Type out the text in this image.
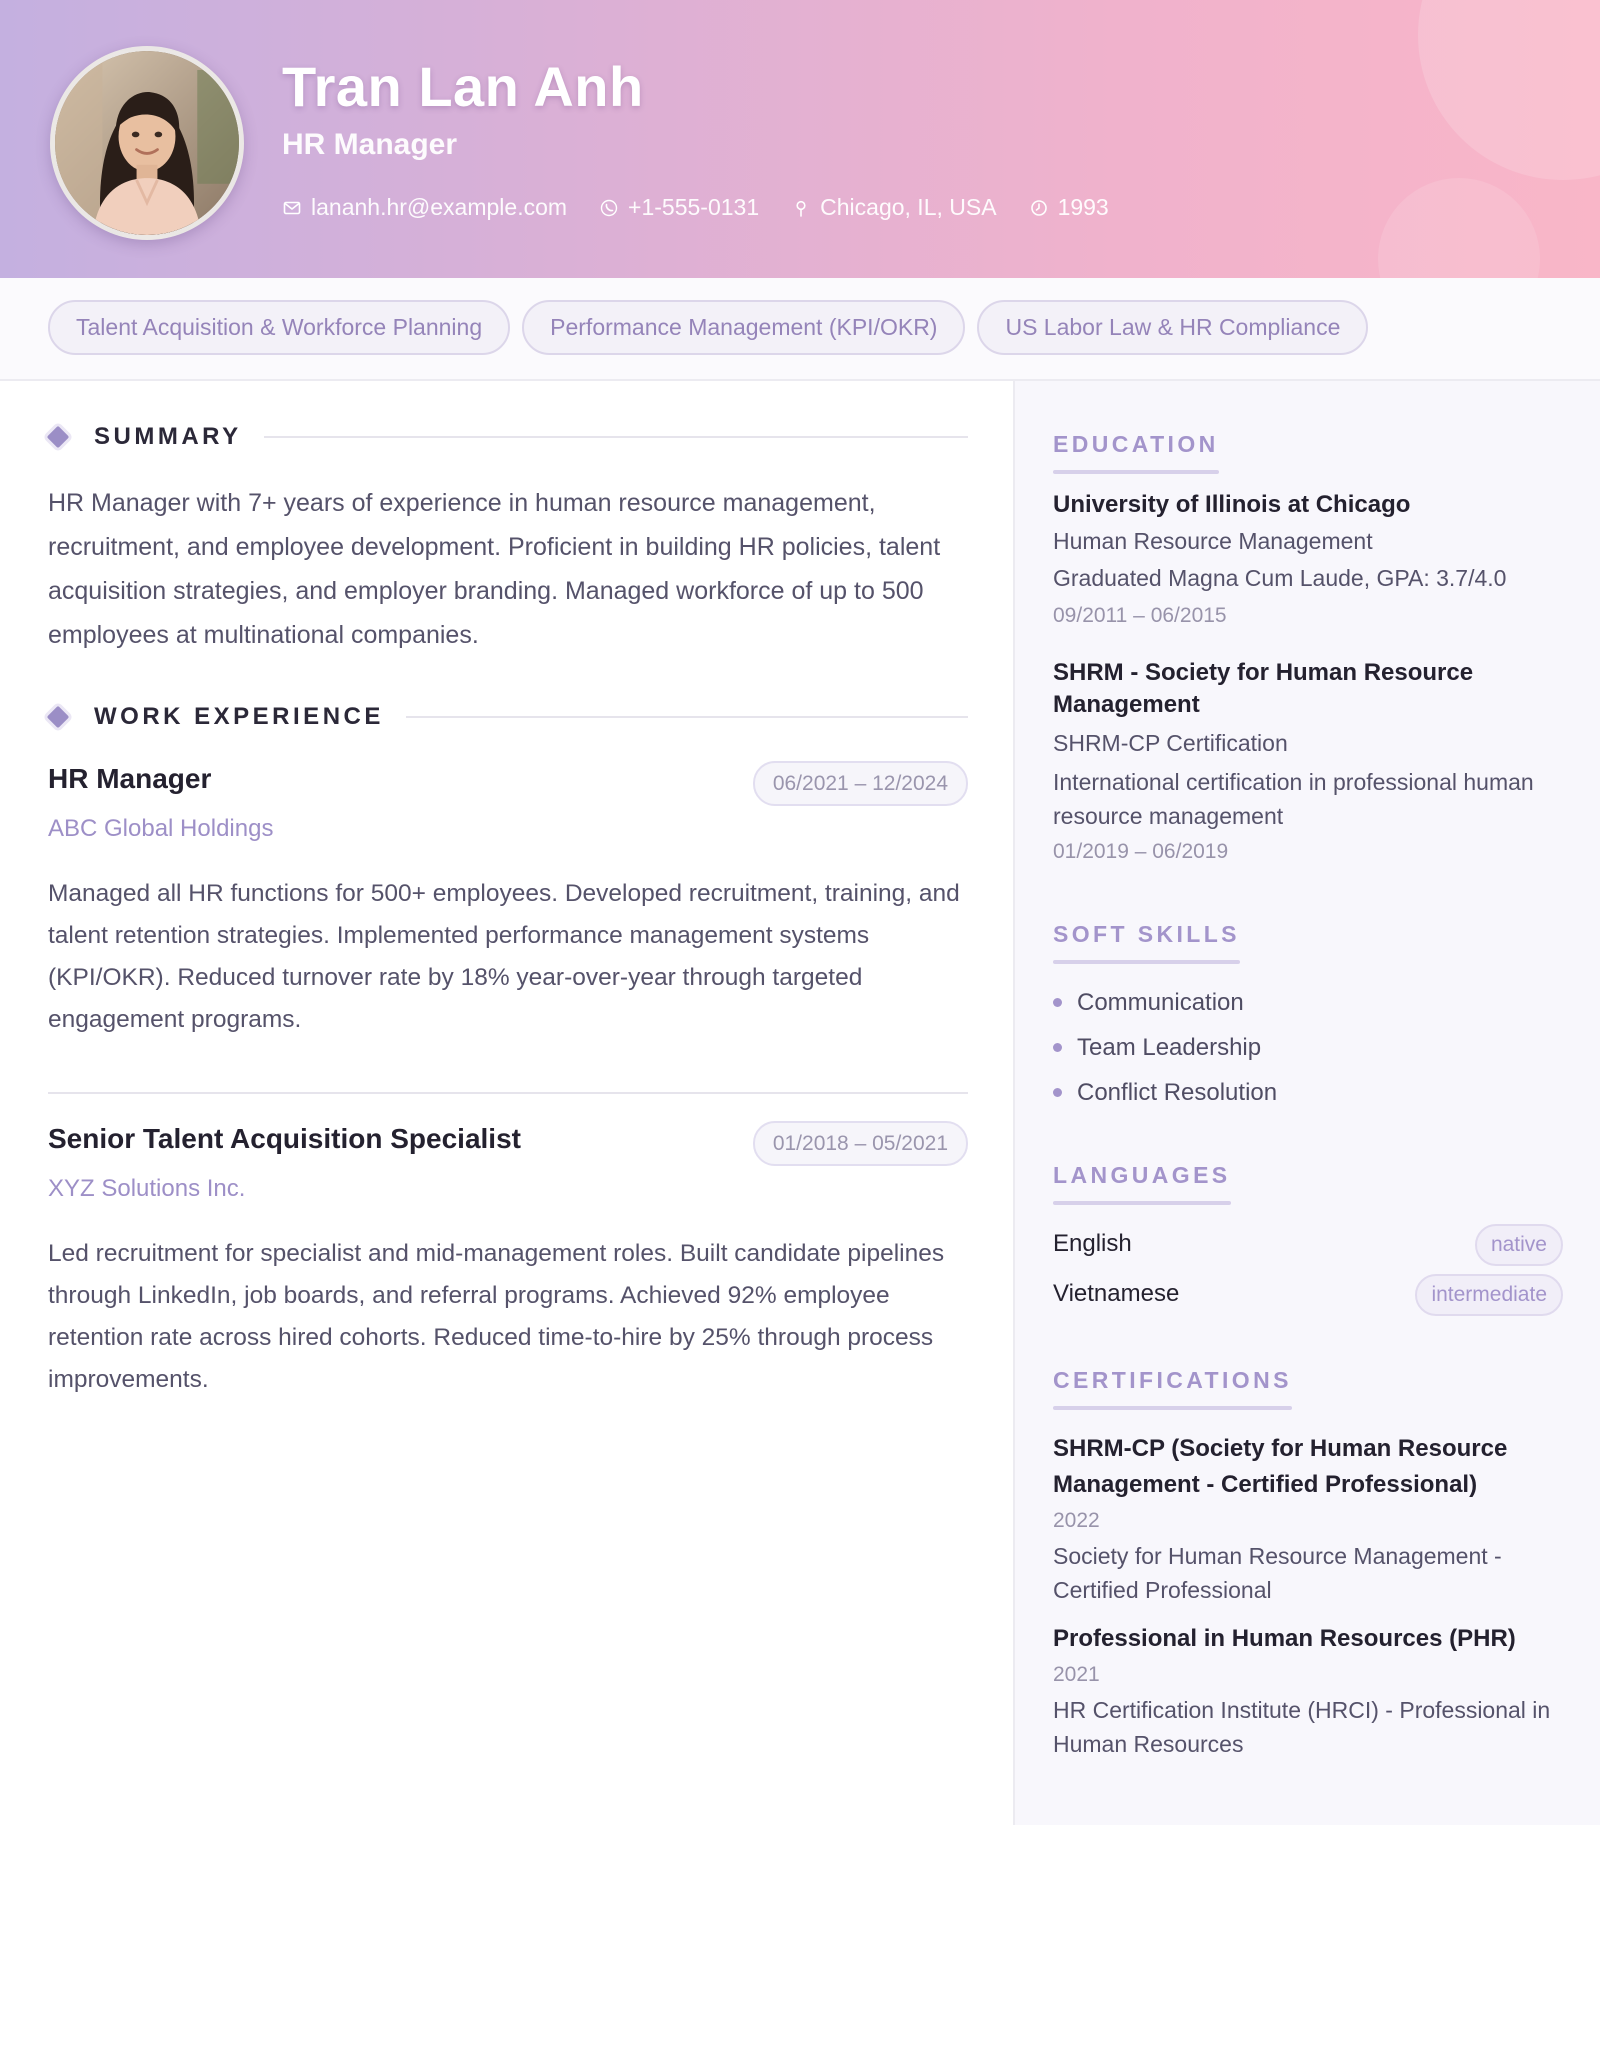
Tran Lan Anh
HR Manager
lananh.hr@example.com	+1-555-0131	Chicago, IL, USA	1993
Talent Acquisition & Workforce Planning	Performance Management (KPI/OKR)	US Labor Law & HR Compliance
SUMMARY

HR Manager with 7+ years of experience in human resource management, recruitment, and employee development. Proficient in building HR policies, talent acquisition strategies, and employer branding. Managed workforce of up to 500 employees at multinational companies.

WORK EXPERIENCE
HR Manager	06/2021 – 12/2024
ABC Global Holdings

Managed all HR functions for 500+ employees. Developed recruitment, training, and talent retention strategies. Implemented performance management systems (KPI/OKR). Reduced turnover rate by 18% year-over-year through targeted engagement programs.

Senior Talent Acquisition Specialist	01/2018 – 05/2021
XYZ Solutions Inc.

Led recruitment for specialist and mid-management roles. Built candidate pipelines through LinkedIn, job boards, and referral programs. Achieved 92% employee retention rate across hired cohorts. Reduced time-to-hire by 25% through process improvements.

EDUCATION
University of Illinois at Chicago
Human Resource Management
Graduated Magna Cum Laude, GPA: 3.7/4.0
09/2011 – 06/2015
SHRM - Society for Human Resource Management
SHRM-CP Certification
International certification in professional human resource management
01/2019 – 06/2019
SOFT SKILLS
Communication
Team Leadership
Conflict Resolution
LANGUAGES
English	native
Vietnamese	intermediate
CERTIFICATIONS
SHRM-CP (Society for Human Resource Management - Certified Professional)
2022
Society for Human Resource Management - Certified Professional
Professional in Human Resources (PHR)
2021
HR Certification Institute (HRCI) - Professional in Human Resources
